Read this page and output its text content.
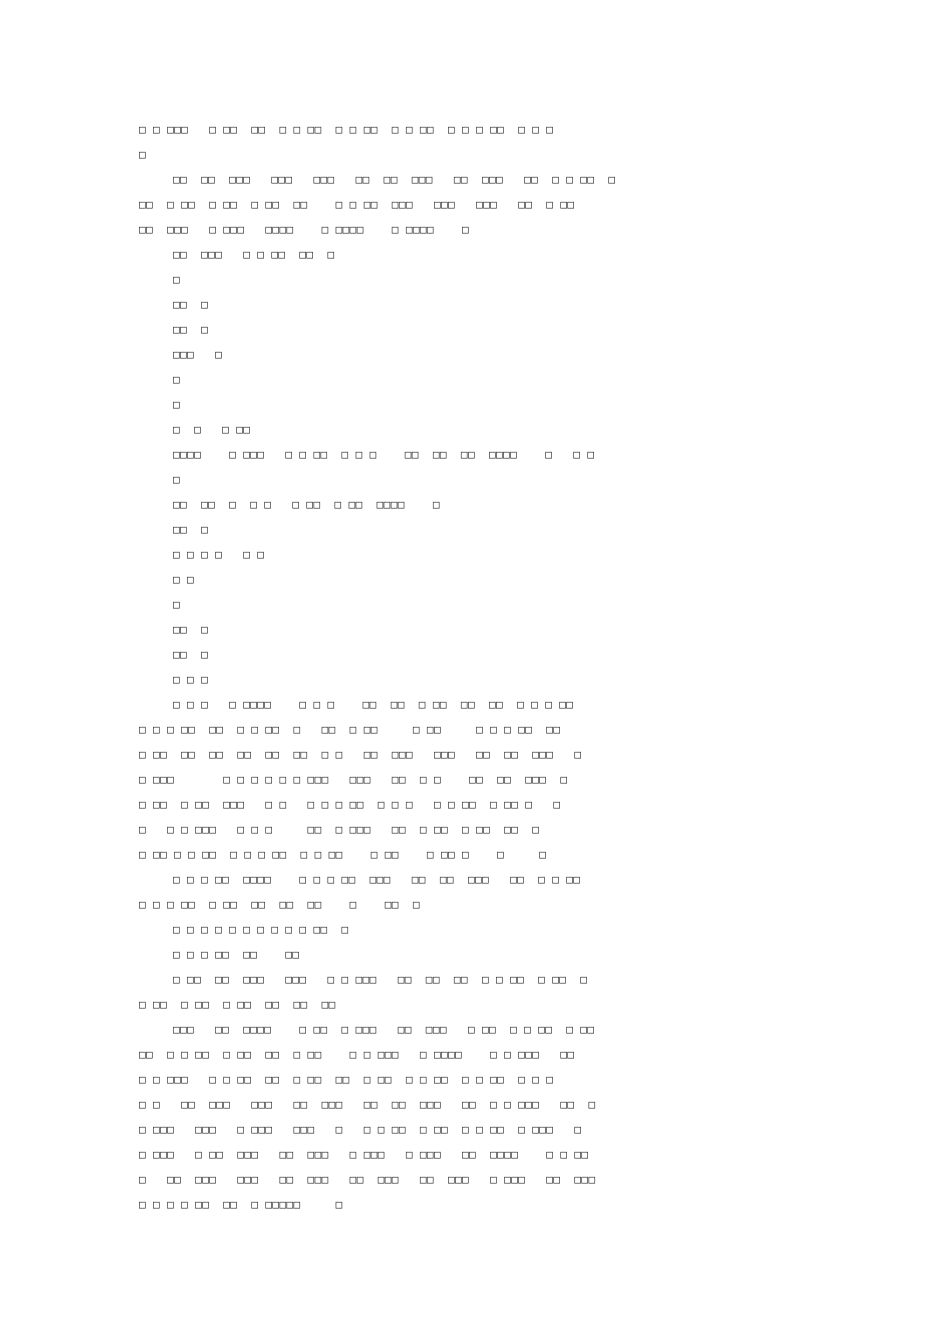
□ □ □□□   □ □□  □□  □ □ □□  □ □ □□  □ □ □□  □ □ □ □□  □ □ □
□
□□  □□  □□□   □□□   □□□   □□  □□  □□□   □□  □□□   □□  □ □ □□  □
□□  □ □□  □ □□  □ □□  □□    □ □ □□  □□□   □□□   □□□   □□  □ □□
□□  □□□   □ □□□   □□□□    □ □□□□    □ □□□□    □
□□  □□□   □ □ □□  □□  □
□
□□  □
□□  □
□□□   □
□
□
□  □   □ □□
□□□□    □ □□□   □ □ □□  □ □ □    □□  □□  □□  □□□□    □   □ □
□
□□  □□  □  □ □   □ □□  □ □□  □□□□    □
□□  □
□ □ □ □   □ □
□ □
□
□□  □
□□  □
□ □ □
□ □ □   □ □□□□    □ □ □    □□  □□  □ □□  □□  □□  □ □ □ □□
□ □ □ □□  □□  □ □ □□  □   □□  □ □□     □ □□     □ □ □ □□  □□
□ □□  □□  □□  □□  □□  □□  □ □   □□  □□□   □□□   □□  □□  □□□   □
□ □□□       □ □ □ □ □ □ □□□   □□□   □□  □ □    □□  □□  □□□  □
□ □□  □ □□  □□□   □ □   □ □ □ □□  □ □ □   □ □ □□  □ □□ □   □
□   □ □ □□□   □ □ □     □□  □ □□□   □□  □ □□  □ □□  □□  □
□ □□ □ □ □□  □ □ □ □□  □ □ □□    □ □□    □ □□ □    □     □
□ □ □ □□  □□□□    □ □ □ □□  □□□   □□  □□  □□□   □□  □ □ □□
□ □ □ □□  □ □□  □□  □□  □□    □    □□  □
□ □ □ □ □ □ □ □ □ □ □□  □
□ □ □ □□  □□    □□
□ □□  □□  □□□   □□□   □ □ □□□   □□  □□  □□  □ □ □□  □ □□  □
□ □□  □ □□  □ □□  □□  □□  □□
□□□   □□  □□□□    □ □□  □ □□□   □□  □□□   □ □□  □ □ □□  □ □□
□□  □ □ □□  □ □□  □□  □ □□    □ □ □□□   □ □□□□    □ □ □□□   □□
□ □ □□□   □ □ □□  □□  □ □□  □□  □ □□  □ □ □□  □ □ □□  □ □ □
□ □   □□  □□□   □□□   □□  □□□   □□  □□  □□□   □□  □ □ □□□   □□  □
□ □□□   □□□   □ □□□   □□□   □   □ □ □□  □ □□  □ □ □□  □ □□□   □
□ □□□   □ □□  □□□   □□  □□□   □ □□□   □ □□□   □□  □□□□    □ □ □□
□   □□  □□□   □□□   □□  □□□   □□  □□□   □□  □□□   □ □□□   □□  □□□
□ □ □ □ □□  □□  □ □□□□□     □
